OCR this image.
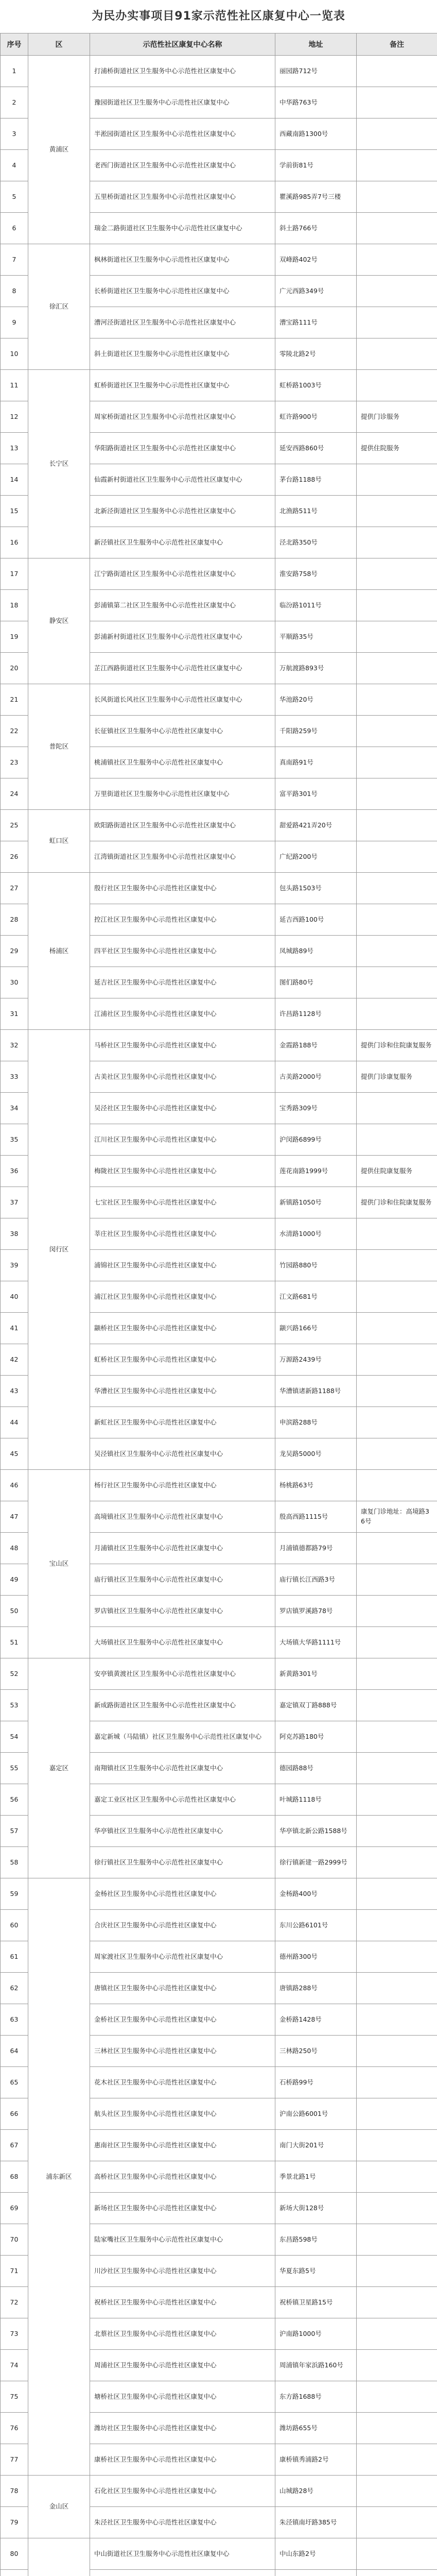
为民办实事项目91家示范性社区康复中心一览表
序号	区	示范性社区康复中心名称	地址	备注
1	黄浦区	打浦桥街道社区卫生服务中心示范性社区康复中心	丽园路712号	
2		豫园街道社区卫生服务中心示范性社区康复中心	中华路763号	
3		半淞园街道社区卫生服务中心示范性社区康复中心	西藏南路1300号	
4		老西门街道社区卫生服务中心示范性社区康复中心	学前街81号	
5		五里桥街道社区卫生服务中心示范性社区康复中心	瞿溪路985弄7号三楼	
6		瑞金二路街道社区卫生服务中心示范性社区康复中心	斜土路766号	
7	徐汇区	枫林街道社区卫生服务中心示范性社区康复中心	双峰路402号	
8		长桥街道社区卫生服务中心示范性社区康复中心	广元西路349号	
9		漕河泾街道社区卫生服务中心示范性社区康复中心	漕宝路111号	
10		斜土街道社区卫生服务中心示范性社区康复中心	零陵北路2号	
11	长宁区	虹桥街道社区卫生服务中心示范性社区康复中心	虹桥路1003号	
12		周家桥街道社区卫生服务中心示范性社区康复中心	虹许路900号	提供门诊服务
13		华阳路街道社区卫生服务中心示范性社区康复中心	延安西路860号	提供住院服务
14		仙霞新村街道社区卫生服务中心示范性社区康复中心	茅台路1188号	
15		北新泾街道社区卫生服务中心示范性社区康复中心	北渔路511号	
16		新泾镇社区卫生服务中心示范性社区康复中心	泾北路350号	
17	静安区	江宁路街道社区卫生服务中心示范性社区康复中心	淮安路758号	
18		彭浦镇第二社区卫生服务中心示范性社区康复中心	临汾路1011号	
19		彭浦新村街道社区卫生服务中心示范性社区康复中心	平顺路35号	
20		芷江西路街道社区卫生服务中心示范性社区康复中心	万航渡路893号	
21	普陀区	长风街道长风社区卫生服务中心示范性社区康复中心	华池路20号	
22		长征镇社区卫生服务中心示范性社区康复中心	千阳路259号	
23		桃浦镇社区卫生服务中心示范性社区康复中心	真南路91号	
24		万里街道社区卫生服务中心示范性社区康复中心	富平路301号	
25	虹口区	欧阳路街道社区卫生服务中心示范性社区康复中心	甜爱路421弄20号	
26		江湾镇街道社区卫生服务中心示范性社区康复中心	广纪路200号	
27	杨浦区	殷行社区卫生服务中心示范性社区康复中心	包头路1503号	
28		控江社区卫生服务中心示范性社区康复中心	延吉西路100号	
29		四平社区卫生服务中心示范性社区康复中心	凤城路89号	
30		延吉社区卫生服务中心示范性社区康复中心	图们路80号	
31		江浦社区卫生服务中心示范性社区康复中心	许昌路1128号	
32	闵行区	马桥社区卫生服务中心示范性社区康复中心	金霞路188号	提供门诊和住院康复服务
33		古美社区卫生服务中心示范性社区康复中心	古美路2000号	提供门诊康复服务
34		吴泾社区卫生服务中心示范性社区康复中心	宝秀路309号	
35		江川社区卫生服务中心示范性社区康复中心	沪闵路6899号	
36		梅陇社区卫生服务中心示范性社区康复中心	莲花南路1999号	提供住院康复服务
37		七宝社区卫生服务中心示范性社区康复中心	新镇路1050号	提供门诊和住院康复服务
38		莘庄社区卫生服务中心示范性社区康复中心	水清路1000号	
39		浦锦社区卫生服务中心示范性社区康复中心	竹园路880号	
40		浦江社区卫生服务中心示范性社区康复中心	江文路681号	
41		颛桥社区卫生服务中心示范性社区康复中心	颛兴路166号	
42		虹桥社区卫生服务中心示范性社区康复中心	万源路2439号	
43		华漕社区卫生服务中心示范性社区康复中心	华漕镇诸新路1188号	
44		新虹社区卫生服务中心示范性社区康复中心	申滨路288号	
45		吴泾镇社区卫生服务中心示范性社区康复中心	龙吴路5000号	
46	宝山区	杨行社区卫生服务中心示范性社区康复中心	杨桃路63号	
47		高境镇社区卫生服务中心示范性社区康复中心	殷高西路1115号	康复门诊地址：高境路36号
48		月浦镇社区卫生服务中心示范性社区康复中心	月浦镇德都路79号	
49		庙行镇社区卫生服务中心示范性社区康复中心	庙行镇长江西路3号	
50		罗店镇社区卫生服务中心示范性社区康复中心	罗店镇罗溪路78号	
51		大场镇社区卫生服务中心示范性社区康复中心	大场镇大华路1111号	
52	嘉定区	安亭镇黄渡社区卫生服务中心示范性社区康复中心	新黄路301号	
53		新成路街道社区卫生服务中心示范性社区康复中心	嘉定镇双丁路888号	
54		嘉定新城（马陆镇）社区卫生服务中心示范性社区康复中心	阿克苏路180号	
55		南翔镇社区卫生服务中心示范性社区康复中心	德园路88号	
56		嘉定工业区社区卫生服务中心示范性社区康复中心	叶城路1118号	
57		华亭镇社区卫生服务中心示范性社区康复中心	华亭镇北新公路1588号	
58		徐行镇社区卫生服务中心示范性社区康复中心	徐行镇新建一路2999号	
59	浦东新区	金杨社区卫生服务中心示范性社区康复中心	金杨路400号	
60		合庆社区卫生服务中心示范性社区康复中心	东川公路6101号	
61		周家渡社区卫生服务中心示范性社区康复中心	德州路300号	
62		唐镇社区卫生服务中心示范性社区康复中心	唐镇路288号	
63		金桥社区卫生服务中心示范性社区康复中心	金桥路1428号	
64		三林社区卫生服务中心示范性社区康复中心	三林路250号	
65		花木社区卫生服务中心示范性社区康复中心	石桥路99号	
66		航头社区卫生服务中心示范性社区康复中心	沪南公路6001号	
67		惠南社区卫生服务中心示范性社区康复中心	南门大街201号	
68		高桥社区卫生服务中心示范性社区康复中心	季景北路1号	
69		新场社区卫生服务中心示范性社区康复中心	新场大街128号	
70		陆家嘴社区卫生服务中心示范性社区康复中心	东昌路598号	
71		川沙社区卫生服务中心示范性社区康复中心	华夏东路5号	
72		祝桥社区卫生服务中心示范性社区康复中心	祝桥镇卫星路15号	
73		北蔡社区卫生服务中心示范性社区康复中心	沪南路1000号	
74		周浦社区卫生服务中心示范性社区康复中心	周浦镇年家浜路160号	
75		塘桥社区卫生服务中心示范性社区康复中心	东方路1688号	
76		潍坊社区卫生服务中心示范性社区康复中心	潍坊路655号	
77		康桥社区卫生服务中心示范性社区康复中心	康桥镇秀浦路2号	
78	金山区	石化社区卫生服务中心示范性社区康复中心	山城路28号	
79		朱泾社区卫生服务中心示范性社区康复中心	朱泾镇南圩路385号	
80		中山街道社区卫生服务中心示范性社区康复中心	中山东路2号	
